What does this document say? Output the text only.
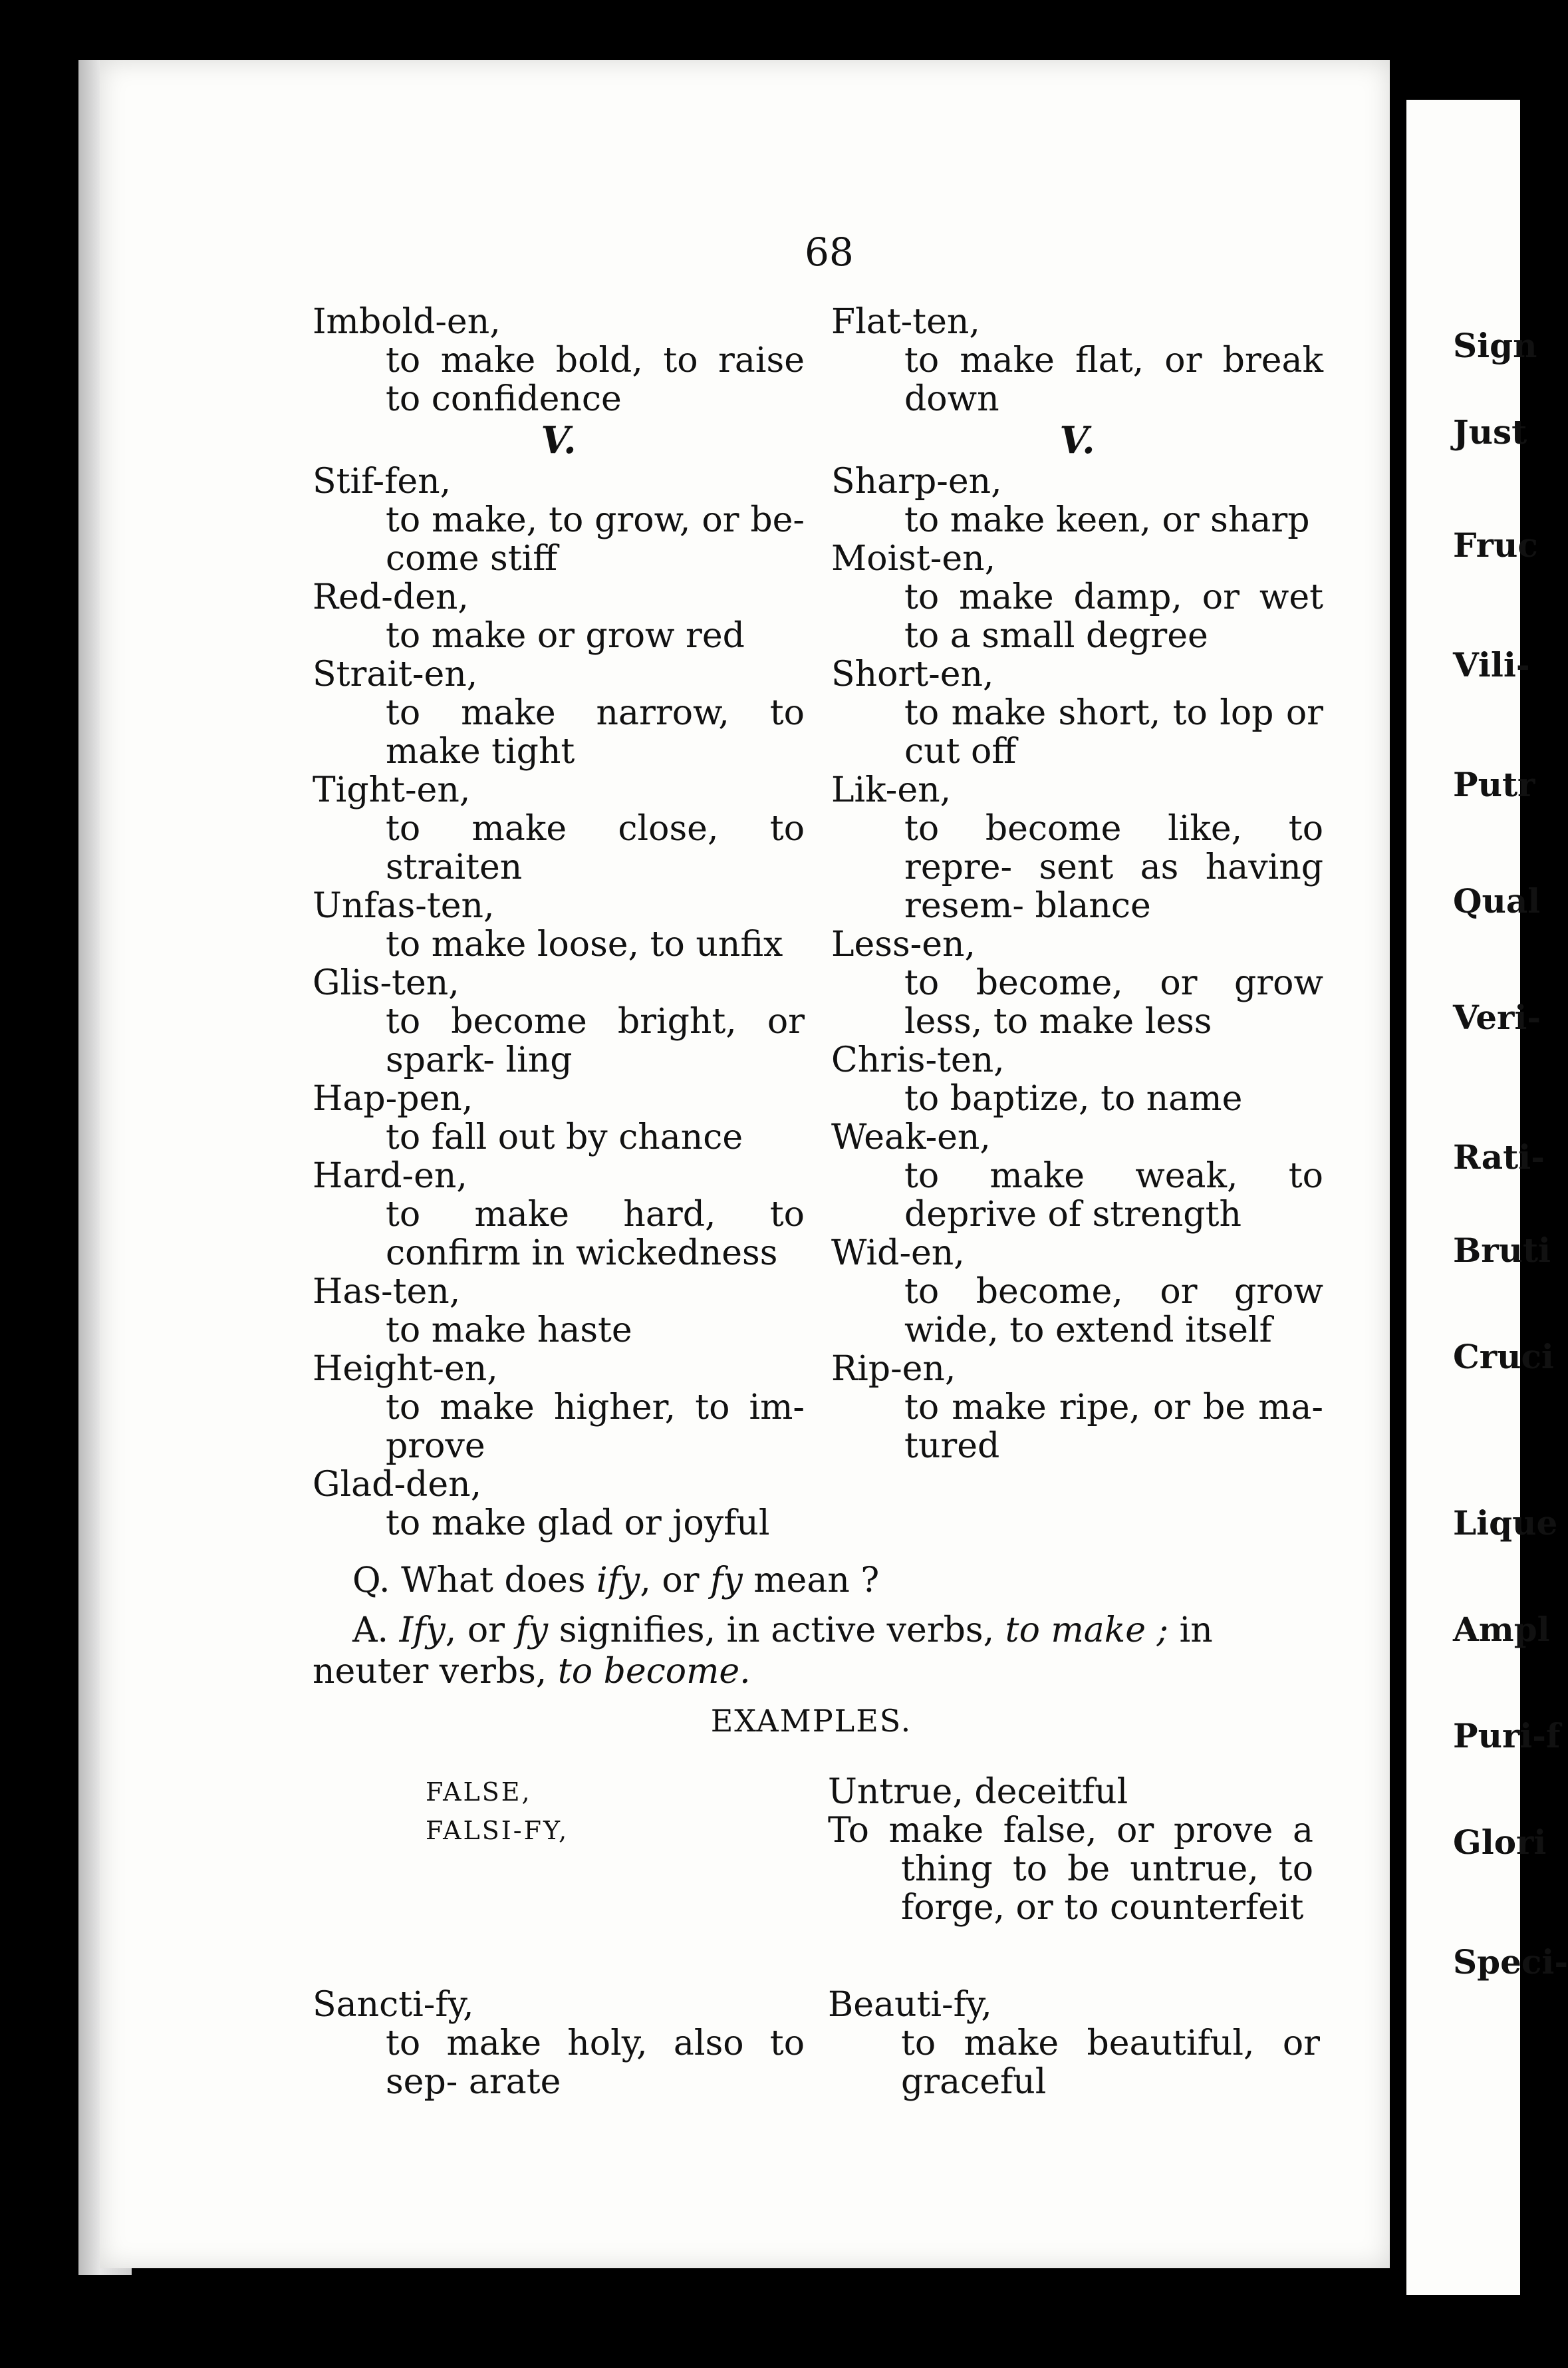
Sign
Just
Fruc
Vili-
Putr
Qual
Veri-
Rati-
Bruti
Cruci
Lique
Ampl
Puri-f
Glori
Speci-
68
Imbold-en,
to make bold, to raise to confidence
V.
Stif-fen,
to make, to grow, or be- come stiff
Red-den,
to make or grow red
Strait-en,
to make narrow, to make tight
Tight-en,
to make close, to straiten
Unfas-ten,
to make loose, to unfix
Glis-ten,
to become bright, or spark- ling
Hap-pen,
to fall out by chance
Hard-en,
to make hard, to confirm in wickedness
Has-ten,
to make haste
Height-en,
to make higher, to im- prove
Glad-den,
to make glad or joyful
Flat-ten,
to make flat, or break down
V.
Sharp-en,
to make keen, or sharp
Moist-en,
to make damp, or wet to a small degree
Short-en,
to make short, to lop or cut off
Lik-en,
to become like, to repre- sent as having resem- blance
Less-en,
to become, or grow less, to make less
Chris-ten,
to baptize, to name
Weak-en,
to make weak, to deprive of strength
Wid-en,
to become, or grow wide, to extend itself
Rip-en,
to make ripe, or be ma- tured
Q. What does ify, or fy mean ?
A. Ify, or fy signifies, in active verbs, to make ; in neuter verbs, to become.
EXAMPLES.
FALSE,
FALSI-FY,
Untrue, deceitful
To make false, or prove a thing to be untrue, to forge, or to counterfeit
Sancti-fy,
to make holy, also to sep- arate
Beauti-fy,
to make beautiful, or graceful
